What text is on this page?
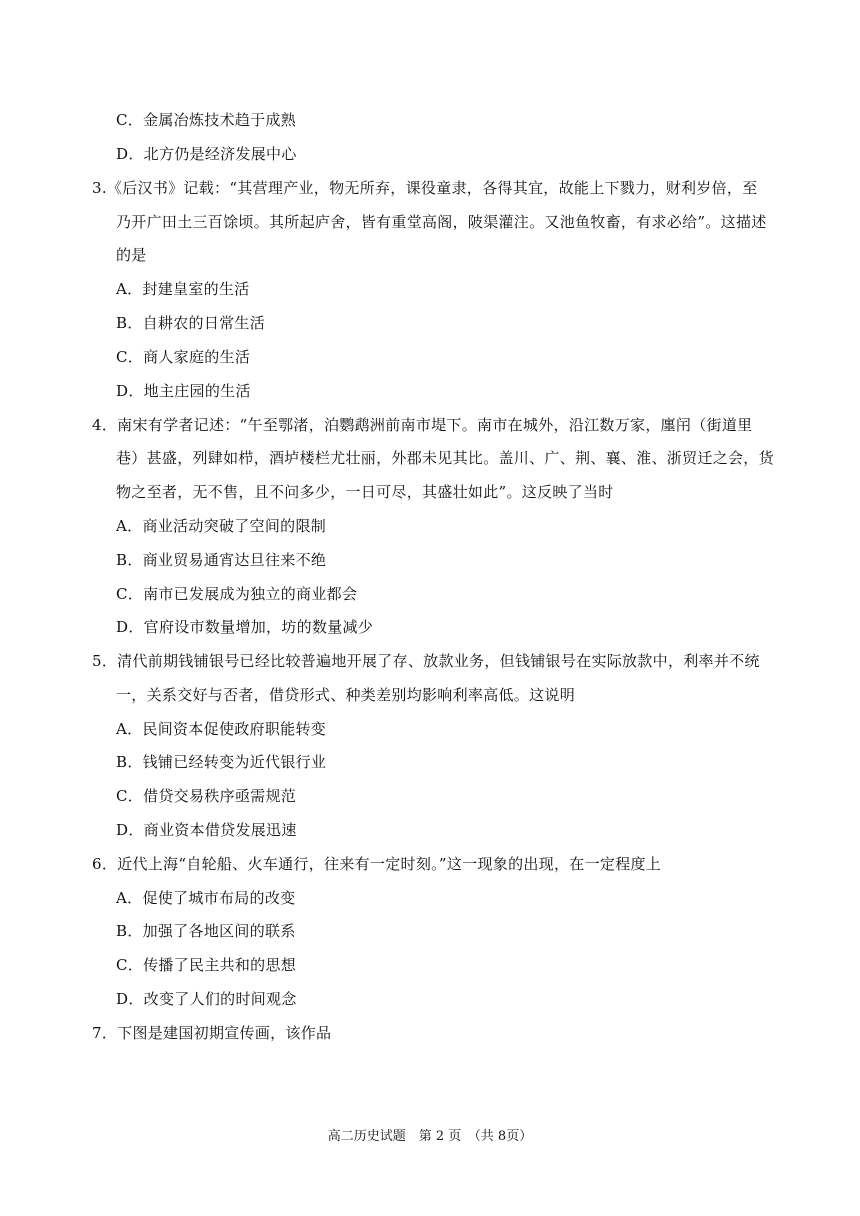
C．金属冶炼技术趋于成熟
D．北方仍是经济发展中心
3.《后汉书》记载：“其营理产业，物无所弃，课役童隶，各得其宜，故能上下戮力，财利岁倍，至
乃开广田土三百馀顷。其所起庐舍，皆有重堂高阁，陂渠灌注。又池鱼牧畜，有求必给”。这描述
的是
A．封建皇室的生活
B．自耕农的日常生活
C．商人家庭的生活
D．地主庄园的生活
4．南宋有学者记述：“午至鄂渚，泊鹦鹉洲前南市堤下。南市在城外，沿江数万家，廛闬（街道里
巷）甚盛，列肆如栉，酒垆楼栏尤壮丽，外郡未见其比。盖川、广、荆、襄、淮、浙贸迁之会，货
物之至者，无不售，且不问多少，一日可尽，其盛壮如此”。这反映了当时
A．商业活动突破了空间的限制
B．商业贸易通宵达旦往来不绝
C．南市已发展成为独立的商业都会
D．官府设市数量增加，坊的数量减少
5．清代前期钱铺银号已经比较普遍地开展了存、放款业务，但钱铺银号在实际放款中，利率并不统
一，关系交好与否者，借贷形式、种类差别均影响利率高低。这说明
A．民间资本促使政府职能转变
B．钱铺已经转变为近代银行业
C．借贷交易秩序亟需规范
D．商业资本借贷发展迅速
6．近代上海“自轮船、火车通行，往来有一定时刻。”这一现象的出现，在一定程度上
A．促使了城市布局的改变
B．加强了各地区间的联系
C．传播了民主共和的思想
D．改变了人们的时间观念
7．下图是建国初期宣传画，该作品
高二历史试题　第 2 页　（共 8页）
